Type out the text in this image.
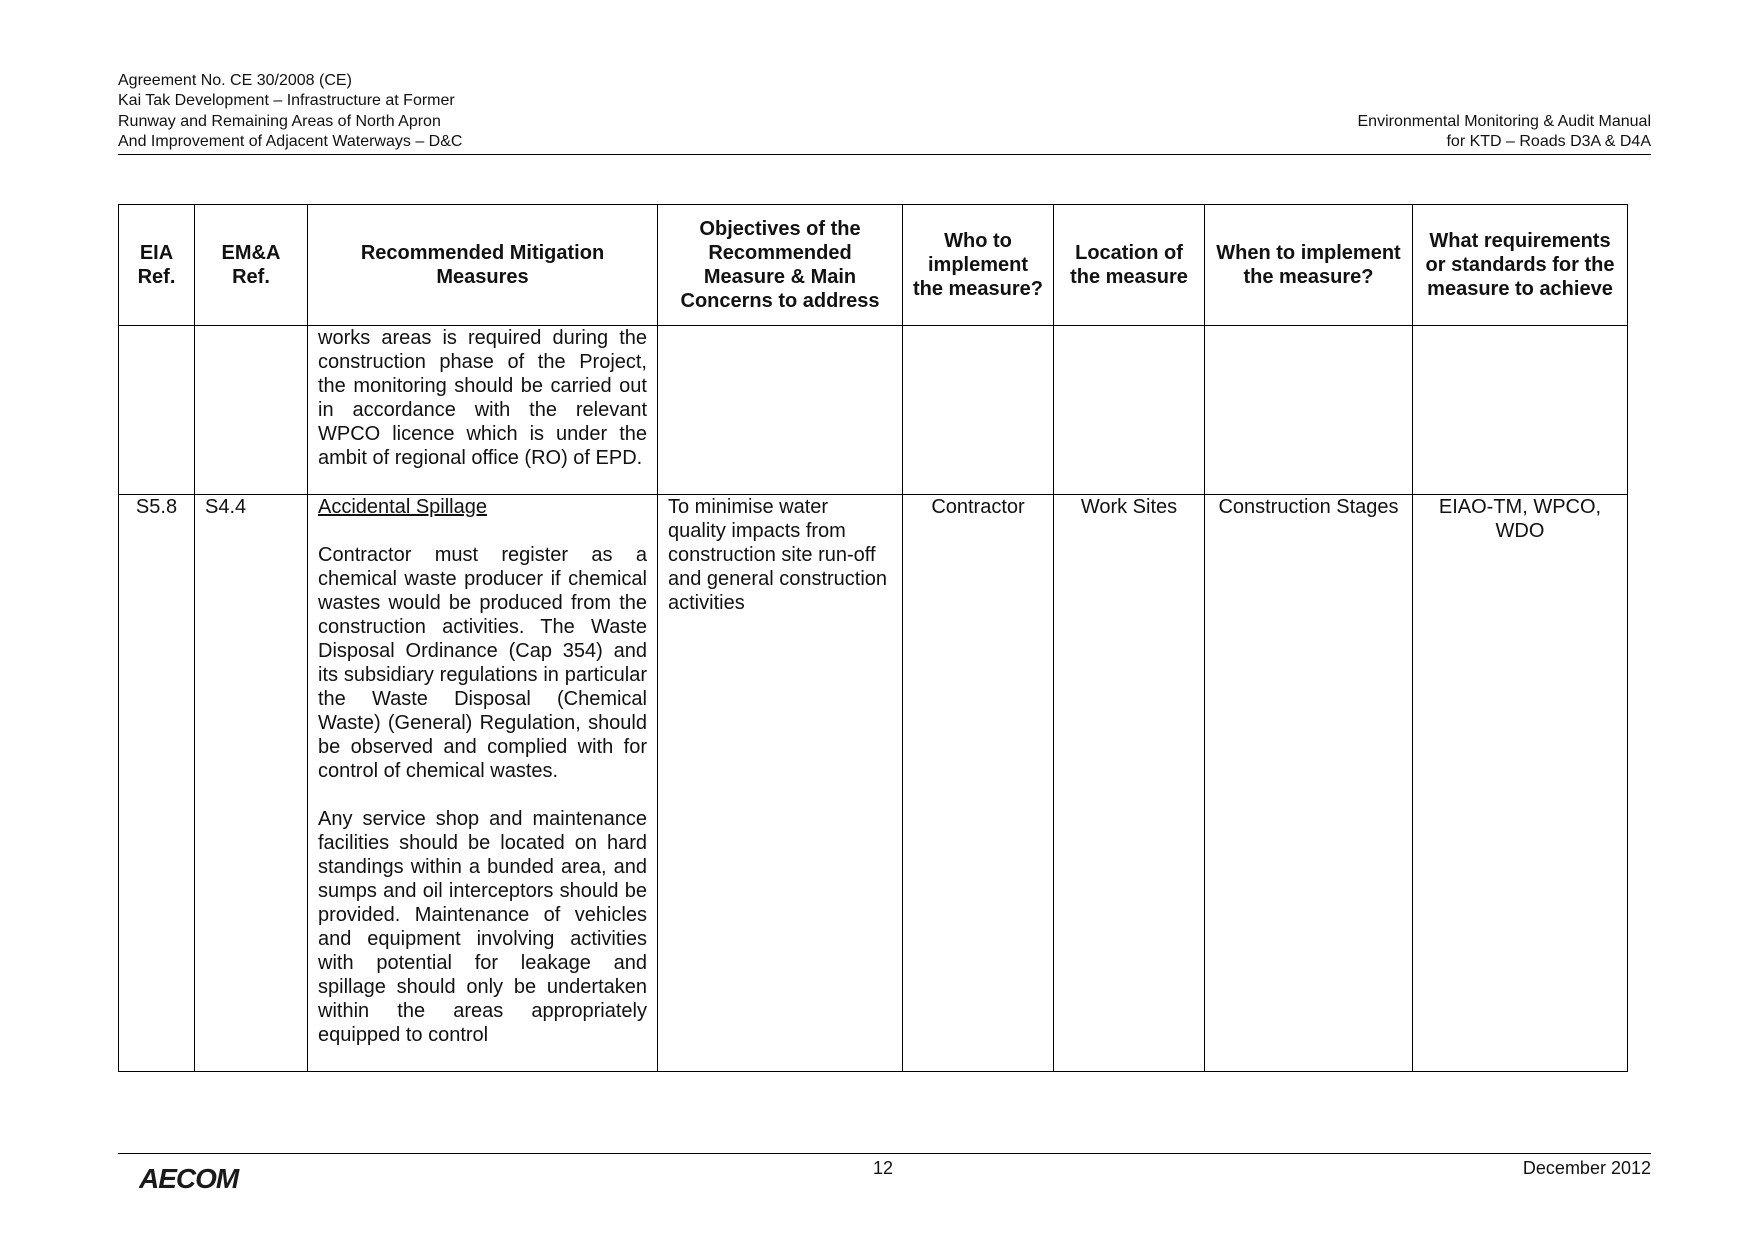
Agreement No. CE 30/2008 (CE)
Kai Tak Development – Infrastructure at Former
Runway and Remaining Areas of North Apron
And Improvement of Adjacent Waterways – D&C
Environmental Monitoring & Audit Manual
for KTD – Roads D3A & D4A
EIA Ref.	EM&A Ref.	Recommended Mitigation Measures	Objectives of the Recommended Measure & Main Concerns to address	Who to implement the measure?	Location of the measure	When to implement the measure?	What requirements or standards for the measure to achieve
		works areas is required during the construction phase of the Project, the monitoring should be carried out in accordance with the relevant WPCO licence which is under the ambit of regional office (RO) of EPD.					
S5.8	S4.4	Accidental Spillage

Contractor must register as a chemical waste producer if chemical wastes would be produced from the construction activities. The Waste Disposal Ordinance (Cap 354) and its subsidiary regulations in particular the Waste Disposal (Chemical Waste) (General) Regulation, should be observed and complied with for control of chemical wastes.

Any service shop and maintenance facilities should be located on hard standings within a bunded area, and sumps and oil interceptors should be provided. Maintenance of vehicles and equipment involving activities with potential for leakage and spillage should only be undertaken within the areas appropriately equipped to control	To minimise water quality impacts from construction site run-off and general construction activities	Contractor	Work Sites	Construction Stages	EIAO-TM, WPCO, WDO
AECOM	12	December 2012
